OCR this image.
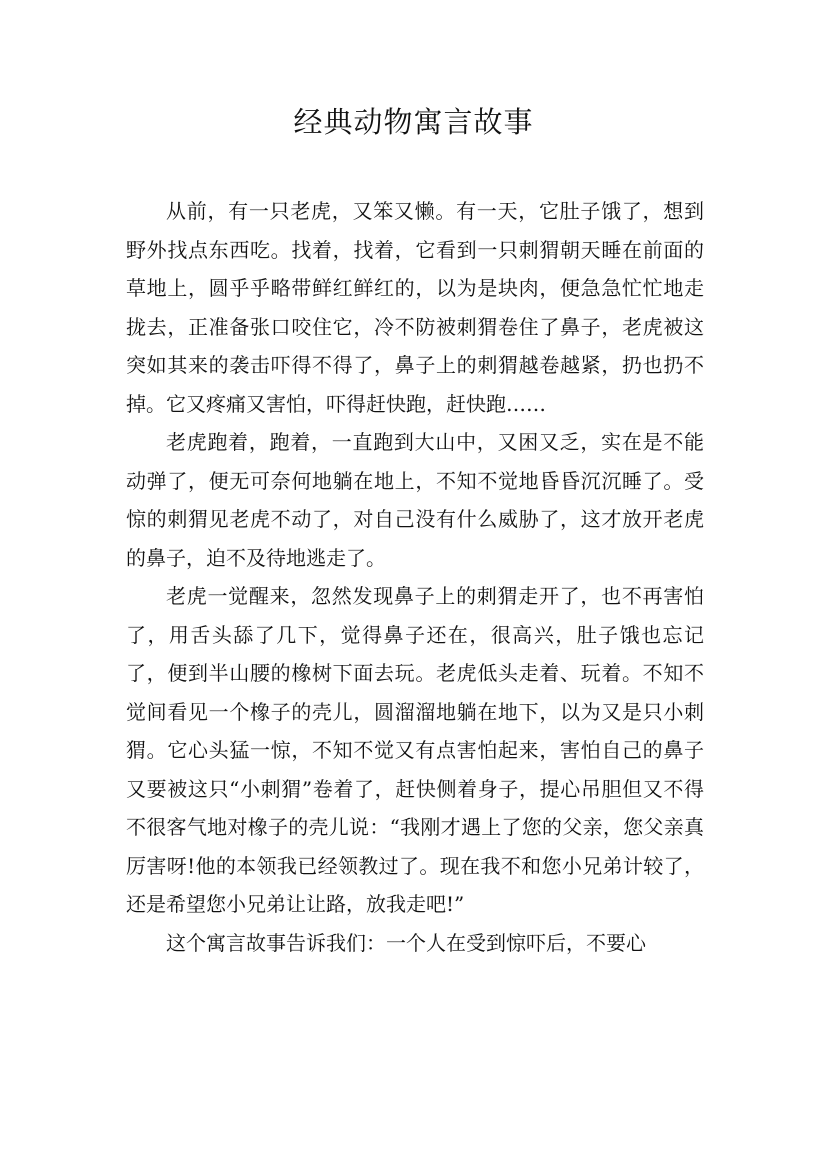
经典动物寓言故事

从前，有一只老虎，又笨又懒。有一天，它肚子饿了，想到野外找点东西吃。找着，找着，它看到一只刺猬朝天睡在前面的草地上，圆乎乎略带鲜红鲜红的，以为是块肉，便急急忙忙地走拢去，正准备张口咬住它，冷不防被刺猬卷住了鼻子，老虎被这突如其来的袭击吓得不得了，鼻子上的刺猬越卷越紧，扔也扔不掉。它又疼痛又害怕，吓得赶快跑，赶快跑……

老虎跑着，跑着，一直跑到大山中，又困又乏，实在是不能动弹了，便无可奈何地躺在地上，不知不觉地昏昏沉沉睡了。受惊的刺猬见老虎不动了，对自己没有什么威胁了，这才放开老虎的鼻子，迫不及待地逃走了。

老虎一觉醒来，忽然发现鼻子上的刺猬走开了，也不再害怕了，用舌头舔了几下，觉得鼻子还在，很高兴，肚子饿也忘记了，便到半山腰的橡树下面去玩。老虎低头走着、玩着。不知不觉间看见一个橡子的壳儿，圆溜溜地躺在地下，以为又是只小刺猬。它心头猛一惊，不知不觉又有点害怕起来，害怕自己的鼻子又要被这只“小刺猬”卷着了，赶快侧着身子，提心吊胆但又不得不很客气地对橡子的壳儿说：“我刚才遇上了您的父亲，您父亲真厉害呀!他的本领我已经领教过了。现在我不和您小兄弟计较了，还是希望您小兄弟让让路，放我走吧!”

这个寓言故事告诉我们：一个人在受到惊吓后，不要心
